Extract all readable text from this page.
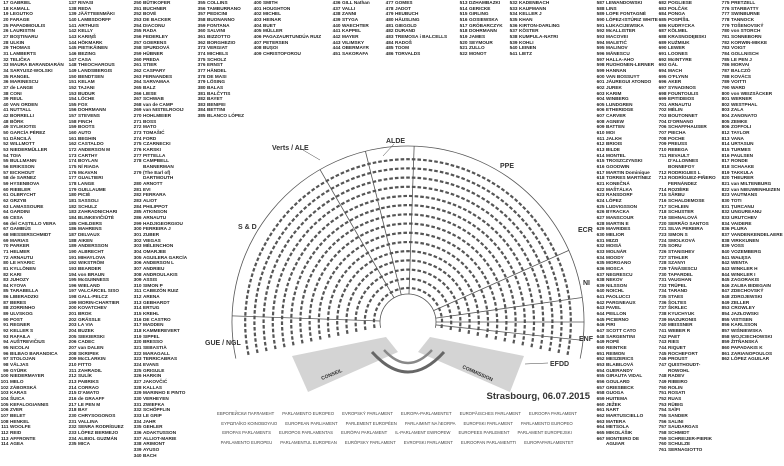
17 GABRIEL
18 KAMALL
19 LEGUTKO
20 FARAGE
25 PAPADIMOULIS
26 LAURISTIN
27 BOŞTINARU
28 ULKIN
29 THOMAS
31 LAMBERTS
32 TELIČKA
33 MAURA BARANDIARÁN
34 SARYUSZ-WOLSKI
35 RANGEL
36 MARINESCU
37 de LANGE
38 CONI
39 REUL
40 VAN ORDEN
41 NUTTALL
42 BORRELLI
48 BÖRK
49 SYLIKIOTIS
50 GARCÍA PÉREZ
51 DĂNCILĂ
52 WILLMOTT
53 NIEDERMÜLLER
54 TOIA
55 BULLMANN
56 ERIKSSON
57 EICKHOUT
58 de SARNEZ
59 HYSENBOVA
60 RIEBLER
61 OLBRYCHT
62 GRZYB
63 LAMASSOURE
64 GARDINI
65 CESA
66 del CASTILLO VERA
67 GAMBÚS
68 MESSERSCHMIDT
69 MARIAS
70 PARKER
71 HELMER
72 ARNAUTU
80 LE HYARIC
81 KYLLÖNEN
82 KARI
83 JUHOZY
84 KYOVA
85 TARABELLA
86 LIBERADZKI
87 BERES
88 ZORRINHO
89 ULVSKOG
90 POST
91 REGNER
92 KELLER S
93 RAFAILA
94 AUŠTREVIČIUS
95 NICOLAI
96 BILBAO BARANDICA
97 STOLOJAN
98 VÄLJAS
99 GYÜRK
100 NIEDERMAYER
101 MELO
102 ZÁBORSKÁ
103 KARAS
104 ŠUICA
105 KEFALOGIANNIS
106 ZVER
107 BELET
108 HENKEL
111 WOOLFE
112 REID
113 AFFRONTE
114 AGEA
137 RIVASI
138 REDA
139 JÄÄTTEENMÄKI
140 LAMBSDORFF
141 ARTHUIS
142 KELLY
143 KARIŅŠ
144 HÖKMARK
145 PIETIKÄINEN
146 BEZING
147 CASA
148 THEOCHAROUS
149 LANDSBERGIS
150 BENDTSEN
151 KELAM
152 TAJANI
153 BUDUR
154 LÖCHE
155 FOX
156 DOHRMANN
157 STEVENS
158 FINCH
159 BOOTS
160 AUTO
161 BEGHIN
162 CASTALDO
172 ANDERSON M
173 CARTHY
174 BOYLAN
175 NÍ RIADA
176 McAVAN
177 GUALTIERI
178 LANGE
179 GUILLAUME
180 PICIÈ
181 SASSOLI
182 SCHULZ
183 ZAHRADNICHARI
184 BLINKEVIČIŪTĖ
185 CHILDERS
186 MAHRENS
187 DELVAUX
188 AIKEN
189 ANDERSSON
190 ALBRECHT
191 MIHAYLOVA
192 WIKSTRÖM
193 BEARDER
194 von BRAUN
195 McGUINNESS
196 WIELAND
197 VALCÁRCEL SISO
198 GALL-PELCZ
199 MORIN-CHARTIER
200 KOVATCHEV
201 BROK
202 GRÄSSLE
203 LA VIA
204 BUZEK
205 SIEKIERSKI
206 CADEC
207 van DALEN
208 SKRIPEK
209 McCLARKIN
210 FITTO
211 ZAHRADIL
212 SULÍK
213 PABRIKS
214 CORRAO
215 D'AMATO
216 de GRAAFF
217 LE PEN M
218 BAY
230 CHRYSOGONOS
231 VALLINA
232 SENRA RODRÍGUEZ
233 LÓPEZ BERMEJO
234 ALBIOL GUZMÁN
235 MICA
250 BÜTIKOFER
251 BUCHNER
252 BOVÉ
253 DE BACKER
254 DIACONU
255 RADA
256 FEDERLEY
257 GOERENS
258 SPURDOVÁ
259 HÜBNER
260 PREDA
261 STIER
262 CASPARY
263 FERNANDES
264 SARVAMAA
265 BALZ
266 LIESE
267 SCHWAB
268 van de CAMP
269 van NISTELROOIJ
270 HOHLMEIER
271 BOSS
272 MATO
273 TOMAŠIĆ
274 FORD
275 CZARNECKI
276 KARSKI
277 PITTELLA
278 CAMPBELL BANNERMAN
279 (The Earl of) DARTMOUTH
280 ARNOTT
281 EVI
282 FERRARA
283 ALIOT
284 PHILIPPOT
285 ATKINSON
286 ARNAUTU
299 HADJIGEORGIOU
300 FERREIRA J
301 ZUBER
302 VIEGAS
303 MÉLENCHON
304 OMARJEE
305 AGUILERA GARCÍA
306 ANDERSON L
307 ANDRIEU
308 ANDROULAKIS
309 ASSIS
310 SIMON P
311 CABEZÓN RUIZ
312 ARENA
313 GEBHARDT
314 ERTUG
315 KREHL
316 DE CASTRO
317 MADDEN
318 KAMMEREVERT
319 SIPPEL
320 BRESSO
321 SEBASTIÀ
322 MARAGALL
323 TERRICABRAS
324 EVANS
325 GRIGULE
326 HARKIN
327 JAKOVČIĆ
328 KALLAS
329 MARINHO E PINTO
330 VERHEYEN
331 ZWIEFKA
332 SCHÖPFLIN
333 LE GRIP
334 JAHR
335 GEHLER
336 ADAKTUSSON
337 ALLIOT-MARIE
338 ARIMONT
339 AYUSO
340 BACH
355 COLLINS
356 TAMBURRANO
357 PEDICINI
358 BUONANNO
359 FONTANA
360 SALVINI
361 BIZZOTTO
362 BORGHEZIO
373 VERGIAT
374 MICHELS
375 SCHOLZ
376 ERNST
377 HÄNDEL
378 DE MASI
379 LÖSING
380 BALAS
381 BALČYTIS
382 BAYET
383 BENIFEI
384 BETTINI
385 BLANCO LÓPEZ
400 SMITH
401 HOUGHTON
402 MICHEL
403 HEINAR
404 BUET
405 MÜLLER
406 PAGAZAURTUNDÚA RUIZ
407 PETERSEN
408 BUȘOI
409 CHRISTOFOROU
436 GILL Nathan
437 VALLI
438 ZANNI
439 STYGA
440 WAECHTER
441 KAPPEL
442 MAYER
443 VILIMSKY
444 OBERMAYR
451 SAKORAFA
477 GOMES
478 JADOT
479 HEUBUCH
480 HÄUSLING
481 GIEGOLD
482 DURAND
483 TREMOSA i BALCELLS
484 RADOŠ
485 TOOM
486 TORVALDS
513 DZHAMBAZKI
514 GERICKE
515 GIRLING
516 GOSIEWSKA
517 GRÓBARCZYK
518 DOHRMANN
519 JAMES
520 SEYMOUR
521 ZULLO
522 MONOT
532 KADENBACH
533 KAUFMANN
534 KELLER J
535 KHAN
536 KIRTON-DARLING
537 KÖSTER
538 KUMPULA-NATRI
539 KOHLI
540 LEINEN
541 LIETZ
587 LEWANDOWSKI
588 LINS
589 LOPE FONTAGNÉ
590 LÓPEZ-ISTÚRIZ WHITE
591 ŁUKACIJEWSKA
592 McALLISTER
593 MACOVEI
594 MALETIĆ
595 MALINOV
596 MĂNESCU
597 HALLA-AHO
598 RUOHONEN-LERNER
599 HANNAN
600 VAN BOSSUYT
601 JÁUREGUI ATONDO
602 JUREK
603 KARIM
604 WINBERG
605 LUNDGREN
606 ETHERIDGE
607 CARVER
608 AGNEW
609 BATTEN
610 MOI
611 JALKH
612 BRIOIS
613 BILDE
614 MONTEL
615 TROSZCZYNSKI
616 GOODWIN
617 MARTIN Dominique
618 TORRES MARTÍNEZ
621 KONEČNÁ
622 MAŠTÁLKA
623 RANSDORF
624 LÓPEZ
625 LUDVIGSSON
626 BYRACKA
627 MANSCOUR
628 MARTIN E
629 MAVRIDES
630 MELIOR
631 MIZZI
632 MOISĂ
633 MOLNÁR
634 MOODY
635 MORGANO
636 MOSCA
637 NEGRESCU
638 NEKOV
639 NILSSON
640 NOICHL
641 PAOLUCCI
642 PARGNEAUX
643 PAVEL
644 PEILLON
645 PICIERNO
646 PIRI
647 SCOTT CATO
648 SARGENTINI
649 ROPÉ
650 REINTKE
651 REIMON
652 MESZERICS
653 BLABILOVÁ
654 GUERANDY
655 GIRAUTA VIDAL
656 GOULARD
657 GRIESBECK
658 GUOGA
659 HUITEMA
660 JEŽEK
661 NART
662 MARTUSCIELLO
663 MATERA
664 METSOLA
665 MIKOLÁŠIK
667 MONTEIRO DE AGUIAR
682 POGLIESE
683 POLČÁK
684 PONGA
685 POSPÍŠIL
686 KUDRYCKA
687 KÖLMEL
688 KRASNODĘBSKI
689 KUŹMIUK
690 LEWER
691 LOONES
692 McINTYRE
693 GÁL
694 MACH
695 O'FLYNN
696 AKER
697 SYNADINOS
698 FOUNTOULIS
699 EPITIDEIOS
701 ARNAUTU
702 MÉLIN
703 BOUTONNET
704 D'ORNANO
706 SCHAFFHAUSER
707 PIECHA
708 POCHE
709 PREUSS
710 REBEGA
711 REVAULT D'ALLONNES BONNEFOY
712 RODRIGUES L
713 RODRÍGUEZ-PIÑERO FERNÁNDEZ
714 ROZIÈRE
715 SÂRBU
716 SCHALDEMOSE
717 SCHLEIN
718 SCHUSTER
719 SEHNALOVÁ
720 SERRÃO SANTOS
721 SILVA PEREIRA
723 SIMON S
724 SMOLKOVÁ
725 SORU
726 STANISHEV
727 STIHLER
728 SZANYI
729 TĂNĂSESCU
730 TAPARDEL
731 VAUGHAN
733 TRÜPEL
734 TARAND
735 STAES
736 ŠOLTES
737 ŠKRLEC
738 KYUCHYUK
739 MAZURONIS
740 MEISSNER
741 WEBER R
742 PAET
743 RIES
744 RIQUET
745 ROCHEFORT
746 PROUST
747 QUISTHOUDT-ROWOHL
748 RADEV
749 RIBEIRO
750 ROLIN
751 ROSATI
752 RUAS
753 RÜBIG
754 SAÏFI
755 SANDER
756 SALINI
757 SAUDARGAS
758 SCHMIDT
759 SCHREIJER-PIERIK
760 SCHULZE
761 SERNAGIOTTO
775 PRETZELL
776 STARBATTY
777 SWINBURNE
778 TANNOCK
779 TOŠENOVSKÝ
780 von STORCH
781 SONNEBORN
782 KORWIN-MIKKE
783 VOIGT
784 GOLLNISCH
785 LE PEN J
786 MORVAI
787 BALCZÓ
788 KOVÁCS
789 VOITTI
790 WARD
800 von WEIZSÄCKER
801 WERNER
802 WESTPHAL
803 ZALA
804 ZANONATO
805 ZEMKE
806 ZOFFOLI
812 TAYLOR
813 VANA
814 URTASUN
815 TURMES
816 PAULSEN
817 RONDE
818 SCHAAKE
819 TAKKULA
820 THEURER
821 van MILTENBURG
822 van NIEUWENHUIZEN
823 VAUTMANS
830 TOTI
831 ȚURCANU
832 UNGUREANU
833 URUTCHEV
834 VAIDERE
836 PLURA
837 VANDENKENDELAERE
838 VIRKKUNEN
839 VOSS
840 VOZEMBERG
841 WAŁĘSA
842 WENTA
843 WINKLER H
844 WINKLER I
845 ZAGORAKIS
846 ZALBA BIDEGAIN
847 ZDECHOVSKÝ
848 ZDROJEWSKI
849 ZELLER
853 CROWLEY
854 JAZŁOWSKI
855 VISTISEN
856 KARLSSON
857 WIŚNIEWSKA
858 WOJCIECHOWSKI
859 ŽITŇANSKÁ
860 PAPADAKIS K
861 ZARIANOPOULOS
862 LÓPEZ AGUILAR
CONSEIL	COMMISSION
Verts / ALE
ALDE
PPE
ECR
NI
ENF
EFDD
S & D
GUE / NGL
Strasbourg, 06.07.2015
ЕВРОПЕЙСКИ ПАРЛАМЕНТ PARLAMENTO EUROPEO EVROPSKÝ PARLAMENT EUROPA-PARLAMENTET EUROPÄISCHES PARLAMENT EUROOPA PARLAMENT
ΕΥΡΩΠΑΪΚΟ ΚΟΙΝΟΒΟΥΛΙΟ EUROPEAN PARLIAMENT PARLEMENT EUROPÉEN PARLAIMINT NA hEORPA EUROPSKI PARLAMENT PARLAMENTO EUROPEO
EIROPAS PARLAMENTS EUROPOS PARLAMENTAS EURÓPAI PARLAMENT IL-PARLAMENT EWROPEW EUROPEES PARLEMENT PARLAMENT EUROPEJSKI
PARLAMENTO EUROPEU PARLAMENTUL EUROPEAN EURÓPSKY PARLAMENT EVROPSKI PARLAMENT EUROOPAN PARLAMENTTI EUROPAPARLAMENTET
